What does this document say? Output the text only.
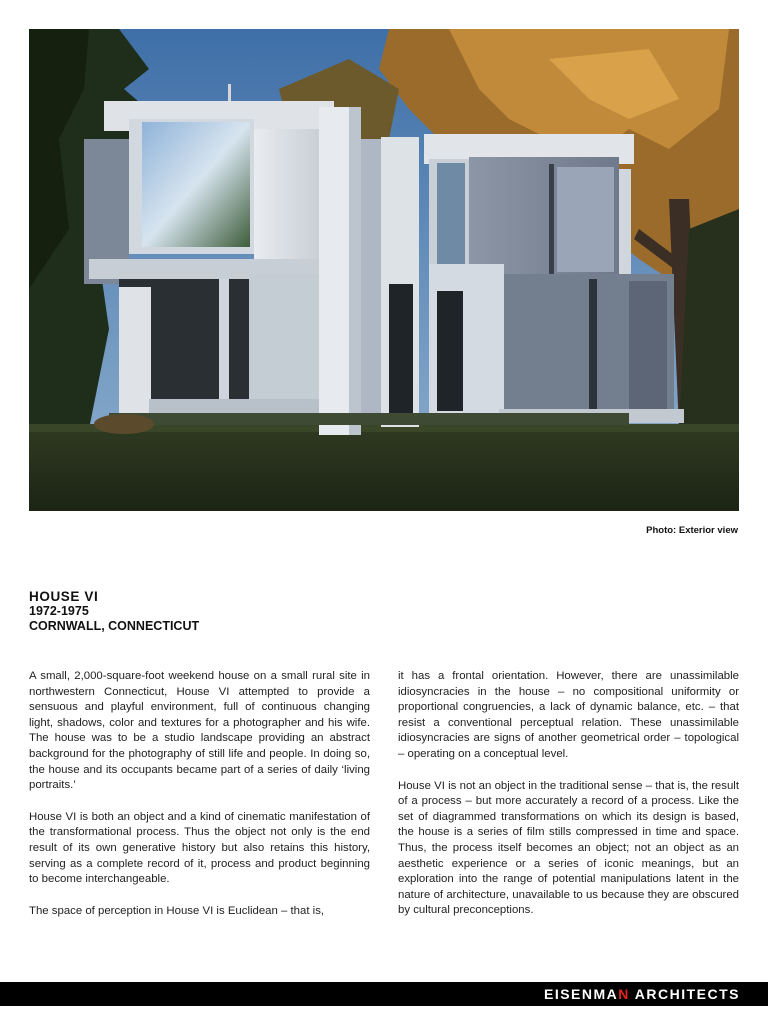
Photo: Exterior view
HOUSE VI
1972-1975
CORNWALL, CONNECTICUT

A small, 2,000-square-foot weekend house on a small rural site in northwestern Connecticut, House VI attempted to provide a sensuous and playful environment, full of continuous changing light, shadows, color and textures for a photographer and his wife. The house was to be a studio landscape providing an abstract background for the photography of still life and people. In doing so, the house and its occupants became part of a series of daily ‘living portraits.’

House VI is both an object and a kind of cinematic manifestation of the transformational process. Thus the object not only is the end result of its own generative history but also retains this history, serving as a complete record of it, process and product beginning to become interchangeable.

The space of perception in House VI is Euclidean – that is,

it has a frontal orientation. However, there are unassimilable idiosyncracies in the house – no compositional uniformity or proportional congruencies, a lack of dynamic balance, etc. – that resist a conventional perceptual relation. These unassimilable idiosyncracies are signs of another geometrical order – topological – operating on a conceptual level.

House VI is not an object in the traditional sense – that is, the result of a process – but more accurately a record of a process. Like the set of diagrammed transformations on which its design is based, the house is a series of film stills compressed in time and space. Thus, the process itself becomes an object; not an object as an aesthetic experience or a series of iconic meanings, but an exploration into the range of potential manipulations latent in the nature of architecture, unavailable to us because they are obscured by cultural preconceptions.

EISENMAN ARCHITECTS
